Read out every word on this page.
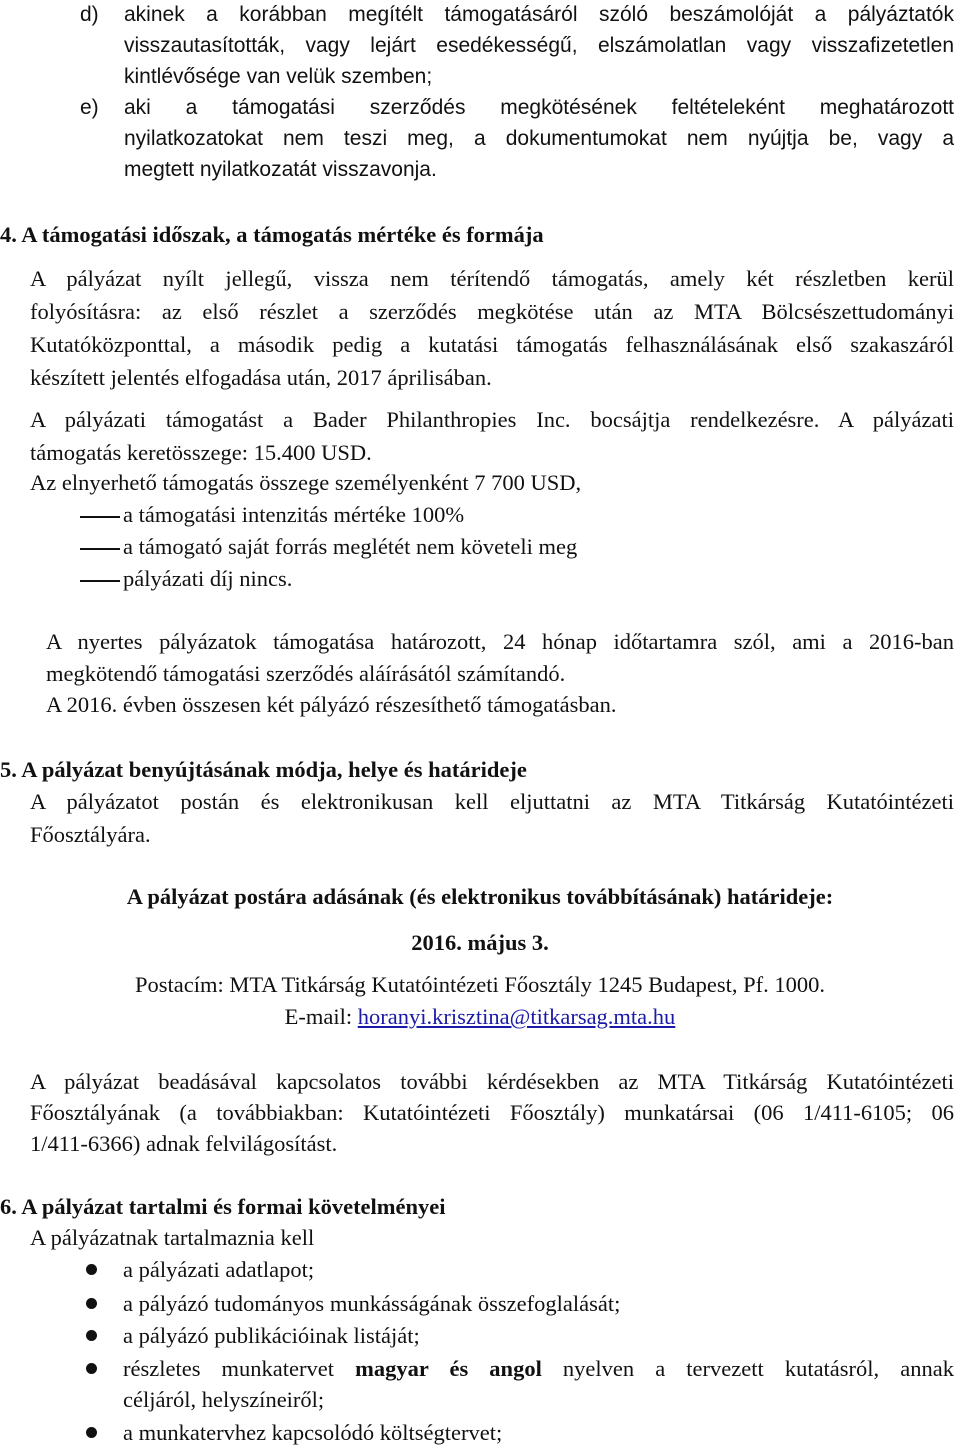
d) akinek a korábban megítélt támogatásáról szóló beszámolóját a pályáztatók
visszautasították, vagy lejárt esedékességű, elszámolatlan vagy visszafizetetlen
kintlévősége van velük szemben;
e) aki a támogatási szerződés megkötésének feltételeként meghatározott
nyilatkozatokat nem teszi meg, a dokumentumokat nem nyújtja be, vagy a
megtett nyilatkozatát visszavonja.
4. A támogatási időszak, a támogatás mértéke és formája
A pályázat nyílt jellegű, vissza nem térítendő támogatás, amely két részletben kerül
folyósításra: az első részlet a szerződés megkötése után az MTA Bölcsészettudományi
Kutatóközponttal, a második pedig a kutatási támogatás felhasználásának első szakaszáról
készített jelentés elfogadása után, 2017 áprilisában.
A pályázati támogatást a Bader Philanthropies Inc. bocsájtja rendelkezésre. A pályázati
támogatás keretösszege: 15.400 USD.
Az elnyerhető támogatás összege személyenként 7 700 USD,
a támogatási intenzitás mértéke 100%
a támogató saját forrás meglétét nem követeli meg
pályázati díj nincs.
A nyertes pályázatok támogatása határozott, 24 hónap időtartamra szól, ami a 2016-ban
megkötendő támogatási szerződés aláírásától számítandó.
A 2016. évben összesen két pályázó részesíthető támogatásban.
5. A pályázat benyújtásának módja, helye és határideje
A pályázatot postán és elektronikusan kell eljuttatni az MTA Titkárság Kutatóintézeti
Főosztályára.
A pályázat postára adásának (és elektronikus továbbításának) határideje:
2016. május 3.
Postacím: MTA Titkárság Kutatóintézeti Főosztály 1245 Budapest, Pf. 1000.
E-mail: horanyi.krisztina@titkarsag.mta.hu
A pályázat beadásával kapcsolatos további kérdésekben az MTA Titkárság Kutatóintézeti
Főosztályának (a továbbiakban: Kutatóintézeti Főosztály) munkatársai (06 1/411-6105; 06
1/411-6366) adnak felvilágosítást.
6. A pályázat tartalmi és formai követelményei
A pályázatnak tartalmaznia kell
a pályázati adatlapot;
a pályázó tudományos munkásságának összefoglalását;
a pályázó publikációinak listáját;
részletes munkatervet magyar és angol nyelven a tervezett kutatásról, annak
céljáról, helyszíneiről;
a munkatervhez kapcsolódó költségtervet;
